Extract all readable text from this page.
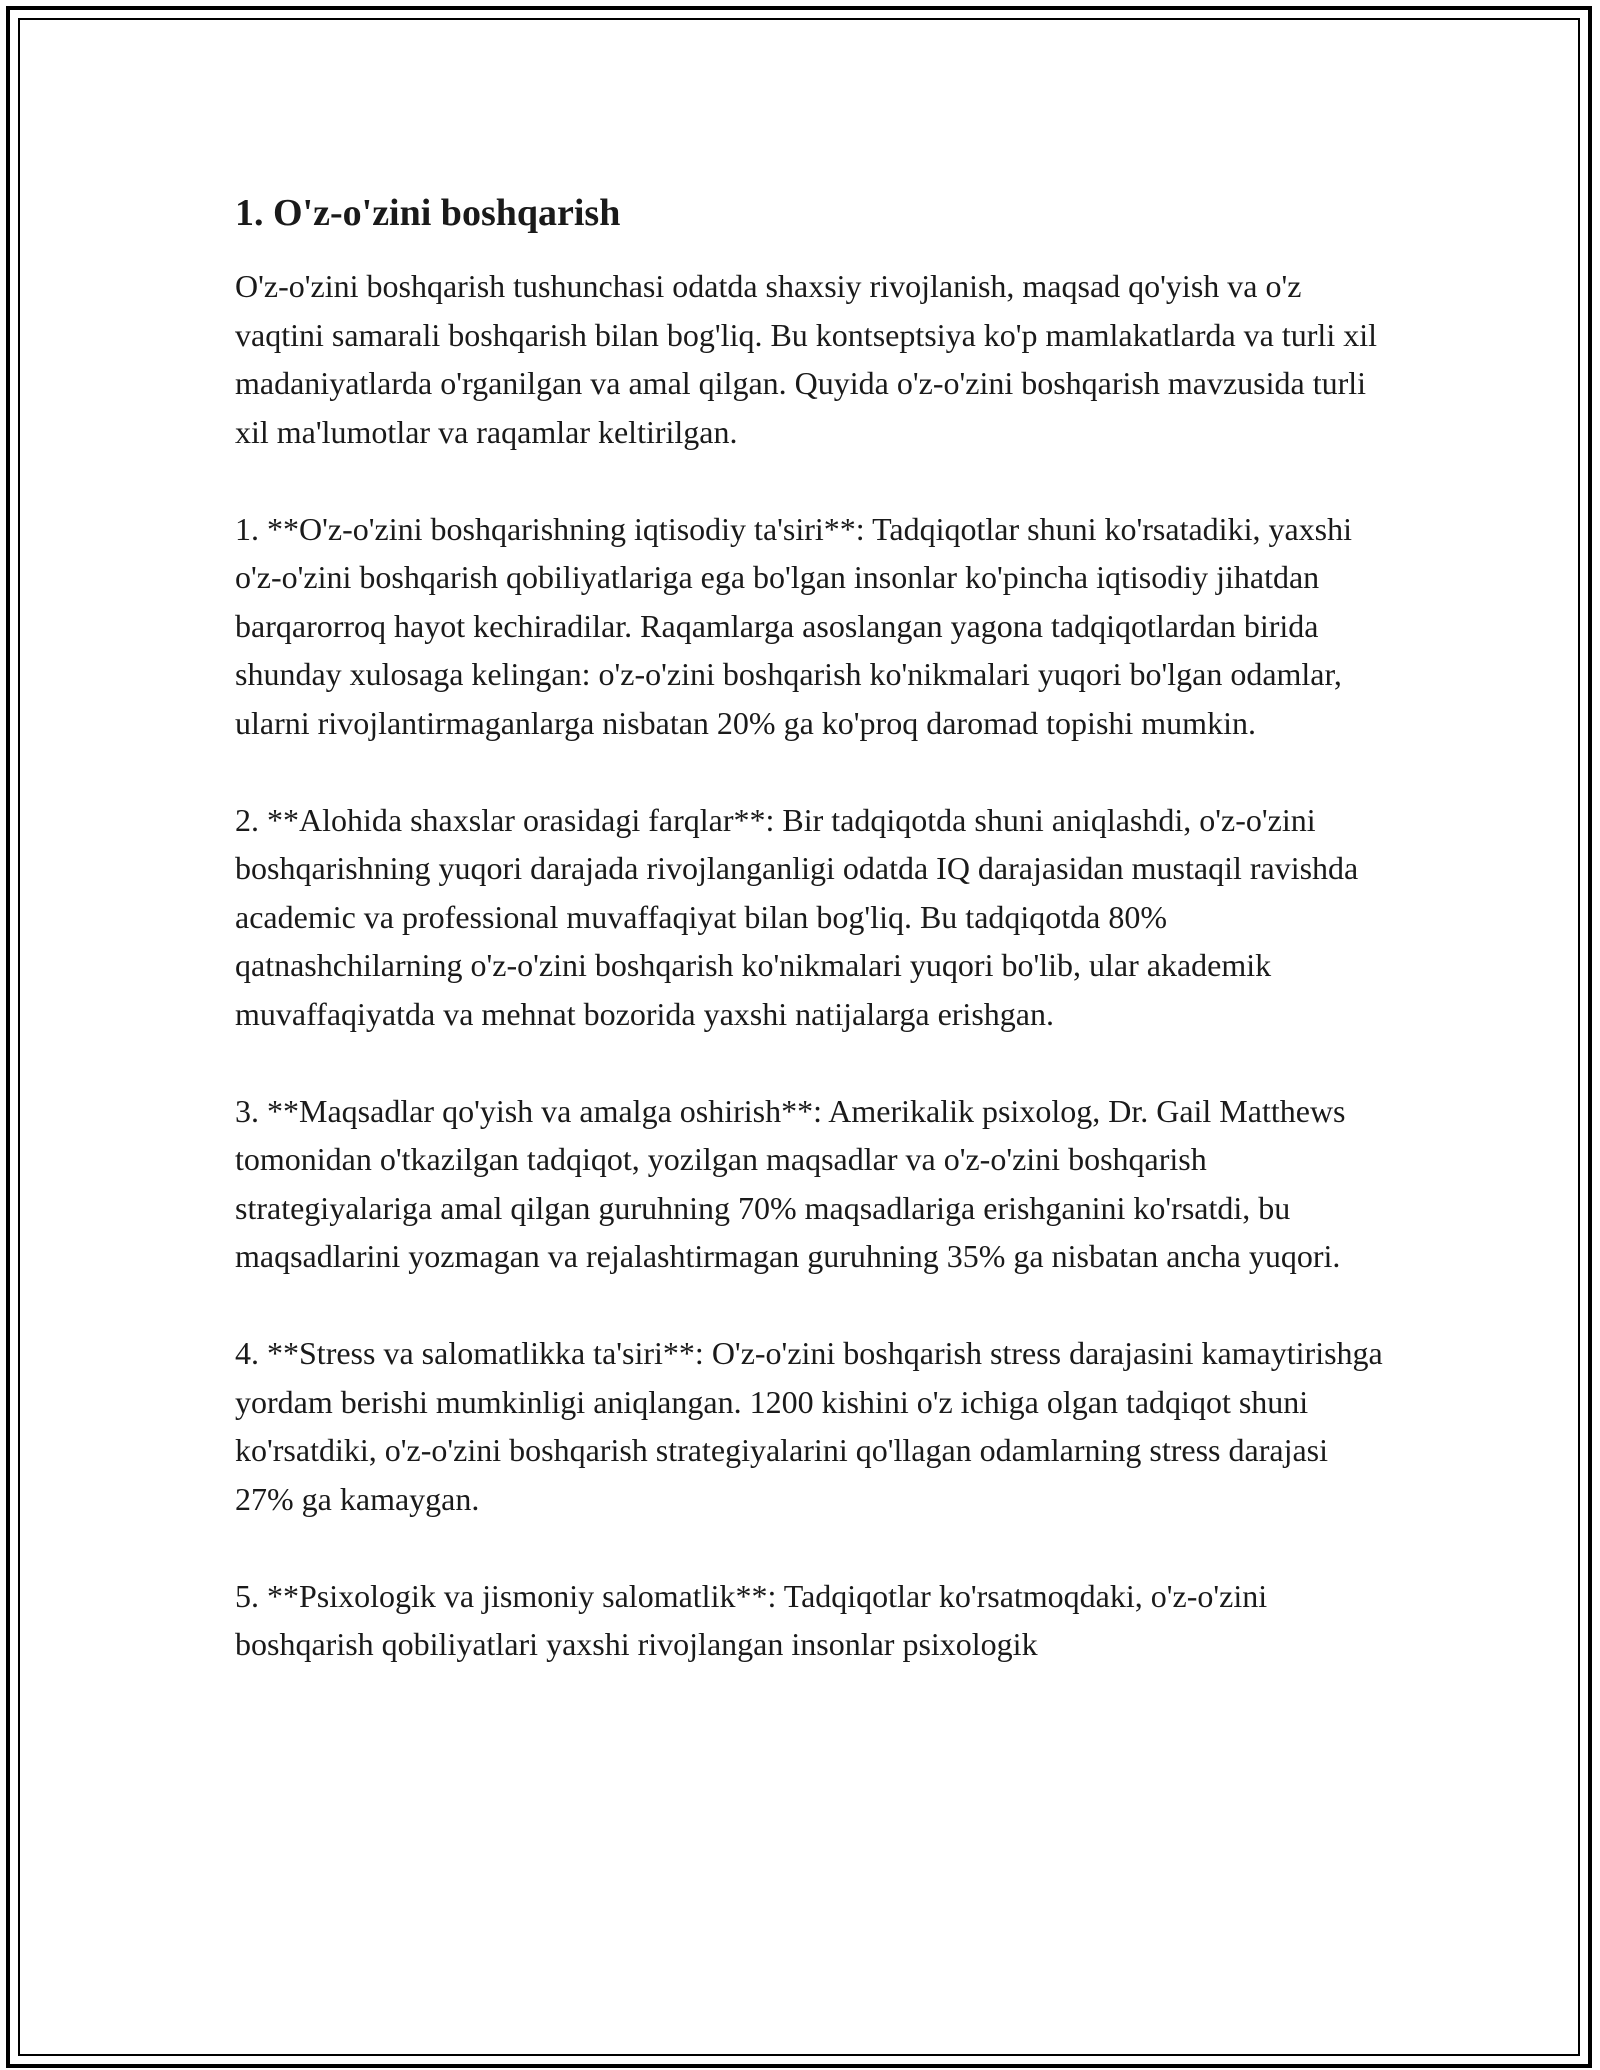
1. O'z-o'zini boshqarish

O'z-o'zini boshqarish tushunchasi odatda shaxsiy rivojlanish, maqsad qo'yish va o'z vaqtini samarali boshqarish bilan bog'liq. Bu kontseptsiya ko'p mamlakatlarda va turli xil madaniyatlarda o'rganilgan va amal qilgan. Quyida o'z-o'zini boshqarish mavzusida turli xil ma'lumotlar va raqamlar keltirilgan.

1. **O'z-o'zini boshqarishning iqtisodiy ta'siri**: Tadqiqotlar shuni ko'rsatadiki, yaxshi o'z-o'zini boshqarish qobiliyatlariga ega bo'lgan insonlar ko'pincha iqtisodiy jihatdan barqarorroq hayot kechiradilar. Raqamlarga asoslangan yagona tadqiqotlardan birida shunday xulosaga kelingan: o'z-o'zini boshqarish ko'nikmalari yuqori bo'lgan odamlar, ularni rivojlantirmaganlarga nisbatan 20% ga ko'proq daromad topishi mumkin.

2. **Alohida shaxslar orasidagi farqlar**: Bir tadqiqotda shuni aniqlashdi, o'z-o'zini boshqarishning yuqori darajada rivojlanganligi odatda IQ darajasidan mustaqil ravishda academic va professional muvaffaqiyat bilan bog'liq. Bu tadqiqotda 80% qatnashchilarning o'z-o'zini boshqarish ko'nikmalari yuqori bo'lib, ular akademik muvaffaqiyatda va mehnat bozorida yaxshi natijalarga erishgan.

3. **Maqsadlar qo'yish va amalga oshirish**: Amerikalik psixolog, Dr. Gail Matthews tomonidan o'tkazilgan tadqiqot, yozilgan maqsadlar va o'z-o'zini boshqarish strategiyalariga amal qilgan guruhning 70% maqsadlariga erishganini ko'rsatdi, bu maqsadlarini yozmagan va rejalashtirmagan guruhning 35% ga nisbatan ancha yuqori.

4. **Stress va salomatlikka ta'siri**: O'z-o'zini boshqarish stress darajasini kamaytirishga yordam berishi mumkinligi aniqlangan. 1200 kishini o'z ichiga olgan tadqiqot shuni ko'rsatdiki, o'z-o'zini boshqarish strategiyalarini qo'llagan odamlarning stress darajasi 27% ga kamaygan.

5. **Psixologik va jismoniy salomatlik**: Tadqiqotlar ko'rsatmoqdaki, o'z-o'zini boshqarish qobiliyatlari yaxshi rivojlangan insonlar psixologik
